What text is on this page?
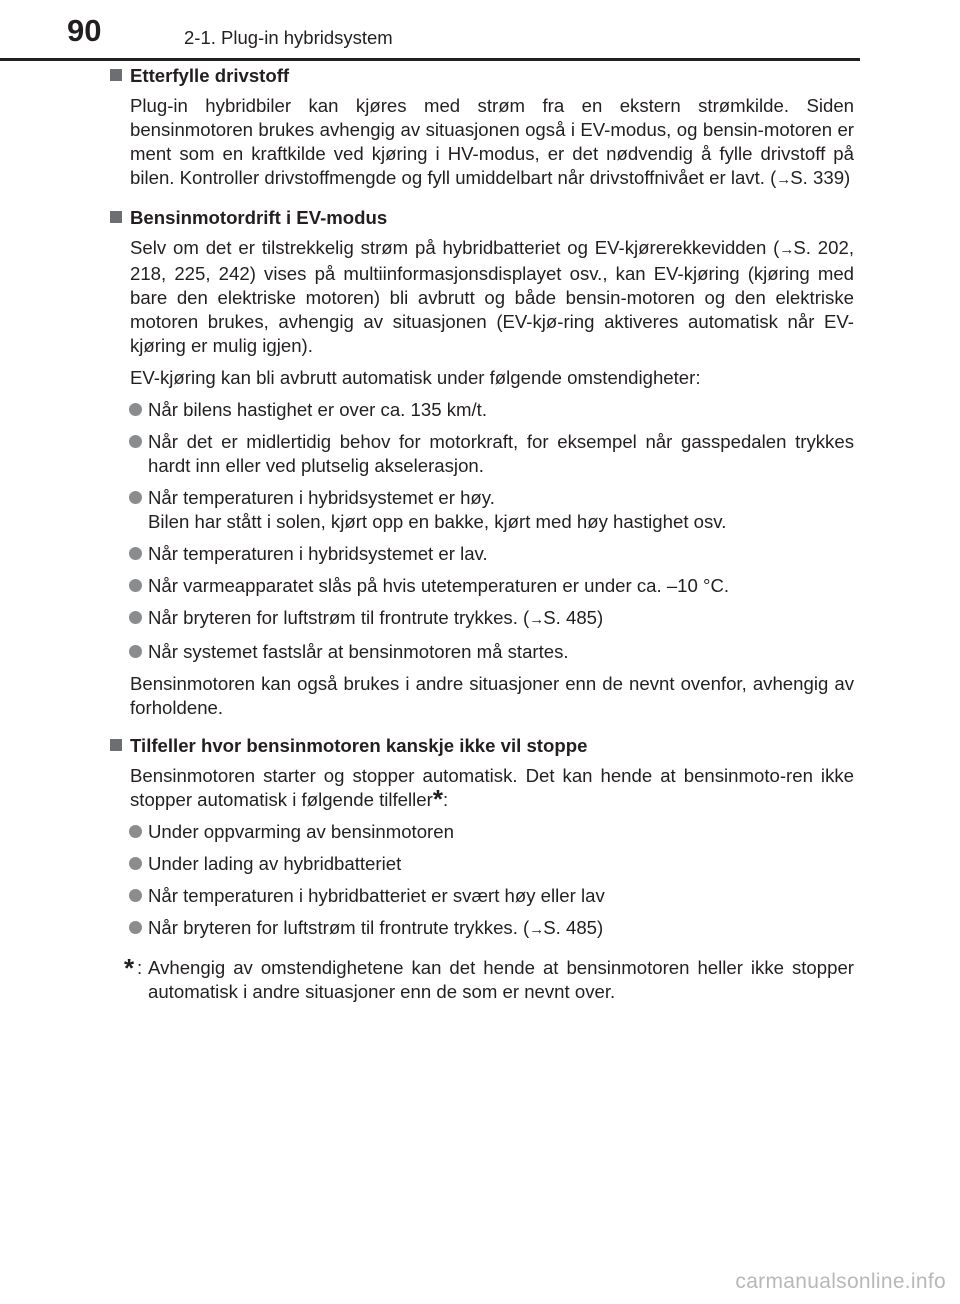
90	2-1. Plug-in hybridsystem
Etterfylle drivstoff
Plug-in hybridbiler kan kjøres med strøm fra en ekstern strømkilde. Siden bensinmotoren brukes avhengig av situasjonen også i EV-modus, og bensin-motoren er ment som en kraftkilde ved kjøring i HV-modus, er det nødvendig å fylle drivstoff på bilen. Kontroller drivstoffmengde og fyll umiddelbart når drivstoffnivået er lavt. (→S. 339)
Bensinmotordrift i EV-modus
Selv om det er tilstrekkelig strøm på hybridbatteriet og EV-kjørerekkevidden (→S. 202, 218, 225, 242) vises på multiinformasjonsdisplayet osv., kan EV-kjøring (kjøring med bare den elektriske motoren) bli avbrutt og både bensin-motoren og den elektriske motoren brukes, avhengig av situasjonen (EV-kjø-ring aktiveres automatisk når EV-kjøring er mulig igjen).
EV-kjøring kan bli avbrutt automatisk under følgende omstendigheter:
Når bilens hastighet er over ca. 135 km/t.
Når det er midlertidig behov for motorkraft, for eksempel når gasspedalen trykkes hardt inn eller ved plutselig akselerasjon.
Når temperaturen i hybridsystemet er høy.
Bilen har stått i solen, kjørt opp en bakke, kjørt med høy hastighet osv.
Når temperaturen i hybridsystemet er lav.
Når varmeapparatet slås på hvis utetemperaturen er under ca. –10 °C.
Når bryteren for luftstrøm til frontrute trykkes. (→S. 485)
Når systemet fastslår at bensinmotoren må startes.
Bensinmotoren kan også brukes i andre situasjoner enn de nevnt ovenfor, avhengig av forholdene.
Tilfeller hvor bensinmotoren kanskje ikke vil stoppe
Bensinmotoren starter og stopper automatisk. Det kan hende at bensinmoto-ren ikke stopper automatisk i følgende tilfeller*:
Under oppvarming av bensinmotoren
Under lading av hybridbatteriet
Når temperaturen i hybridbatteriet er svært høy eller lav
Når bryteren for luftstrøm til frontrute trykkes. (→S. 485)
* : Avhengig av omstendighetene kan det hende at bensinmotoren heller ikke stopper automatisk i andre situasjoner enn de som er nevnt over.
carmanualsonline.info
